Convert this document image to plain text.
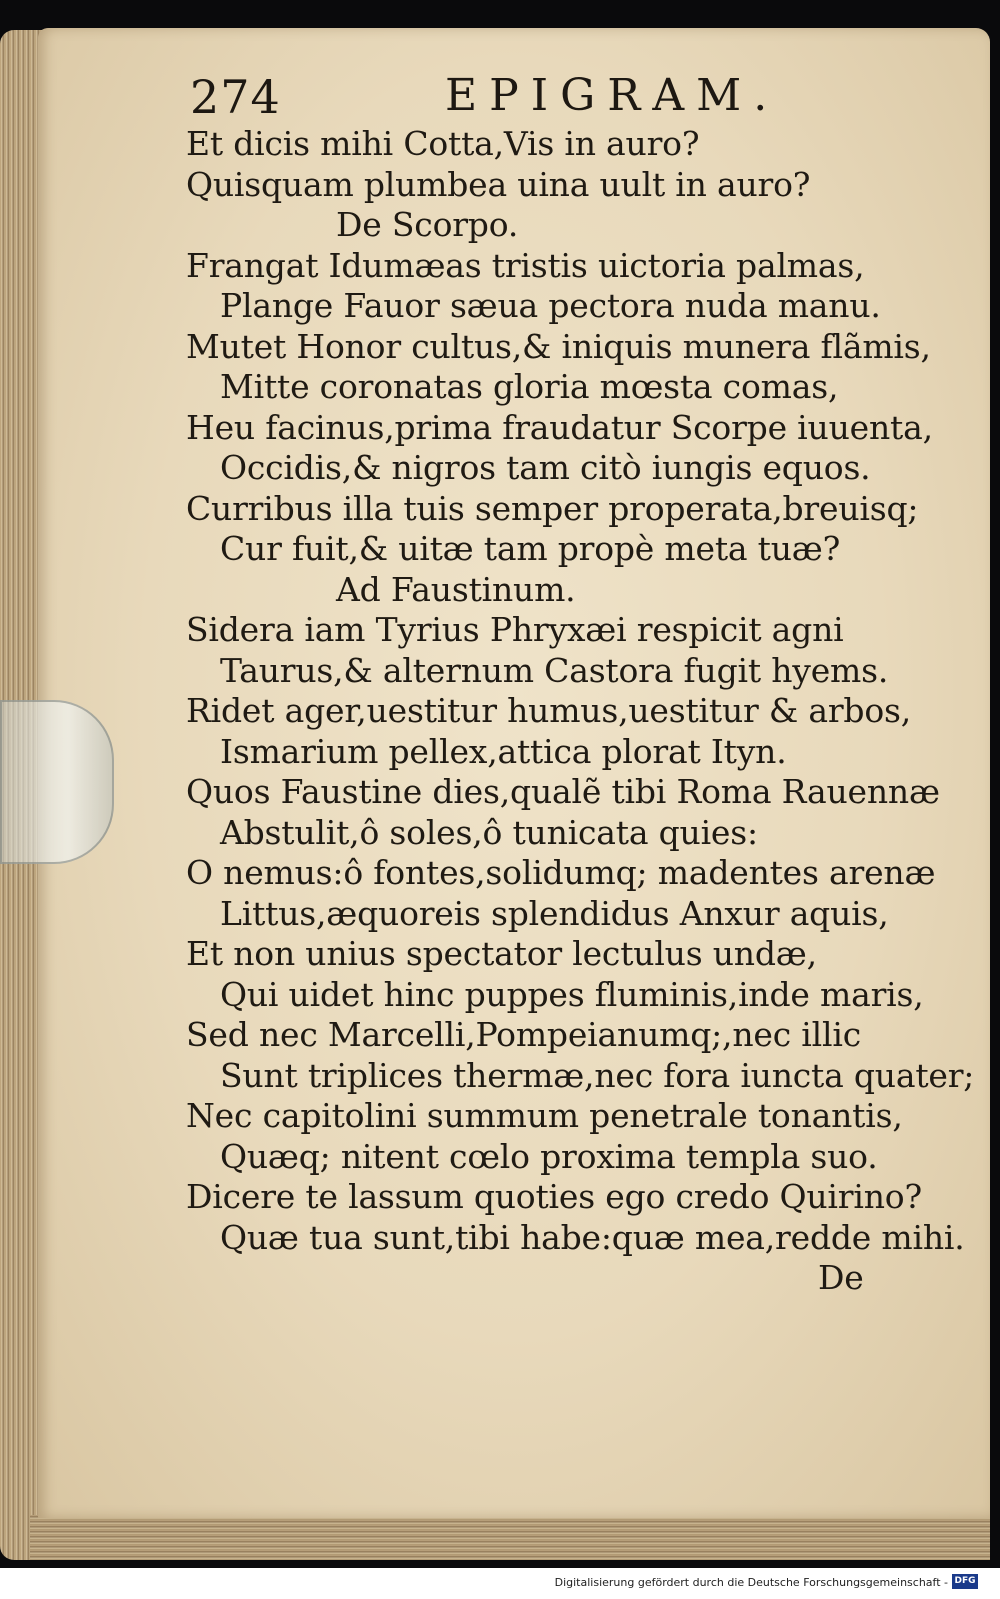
274	EPIGRAM.
Et dicis mihi Cotta,Vis in auro?
Quisquam plumbea uina uult in auro?
De Scorpo.
Frangat Idumæas tristis uictoria palmas,
Plange Fauor sæua pectora nuda manu.
Mutet Honor cultus,& iniquis munera flãmis,
Mitte coronatas gloria mœsta comas,
Heu facinus,prima fraudatur Scorpe iuuenta,
Occidis,& nigros tam citò iungis equos.
Curribus illa tuis semper properata,breuisq;
Cur fuit,& uitæ tam propè meta tuæ?
Ad Faustinum.
Sidera iam Tyrius Phryxæi respicit agni
Taurus,& alternum Castora fugit hyems.
Ridet ager,uestitur humus,uestitur & arbos,
Ismarium pellex,attica plorat Ityn.
Quos Faustine dies,qualẽ tibi Roma Rauennæ
Abstulit,ô soles,ô tunicata quies:
O nemus:ô fontes,solidumq; madentes arenæ
Littus,æquoreis splendidus Anxur aquis,
Et non unius spectator lectulus undæ,
Qui uidet hinc puppes fluminis,inde maris,
Sed nec Marcelli,Pompeianumq;,nec illic
Sunt triplices thermæ,nec fora iuncta quater;
Nec capitolini summum penetrale tonantis,
Quæq; nitent cœlo proxima templa suo.
Dicere te lassum quoties ego credo Quirino?
Quæ tua sunt,tibi habe:quæ mea,redde mihi.
De
Digitalisierung gefördert durch die Deutsche Forschungsgemeinschaft - DFG
